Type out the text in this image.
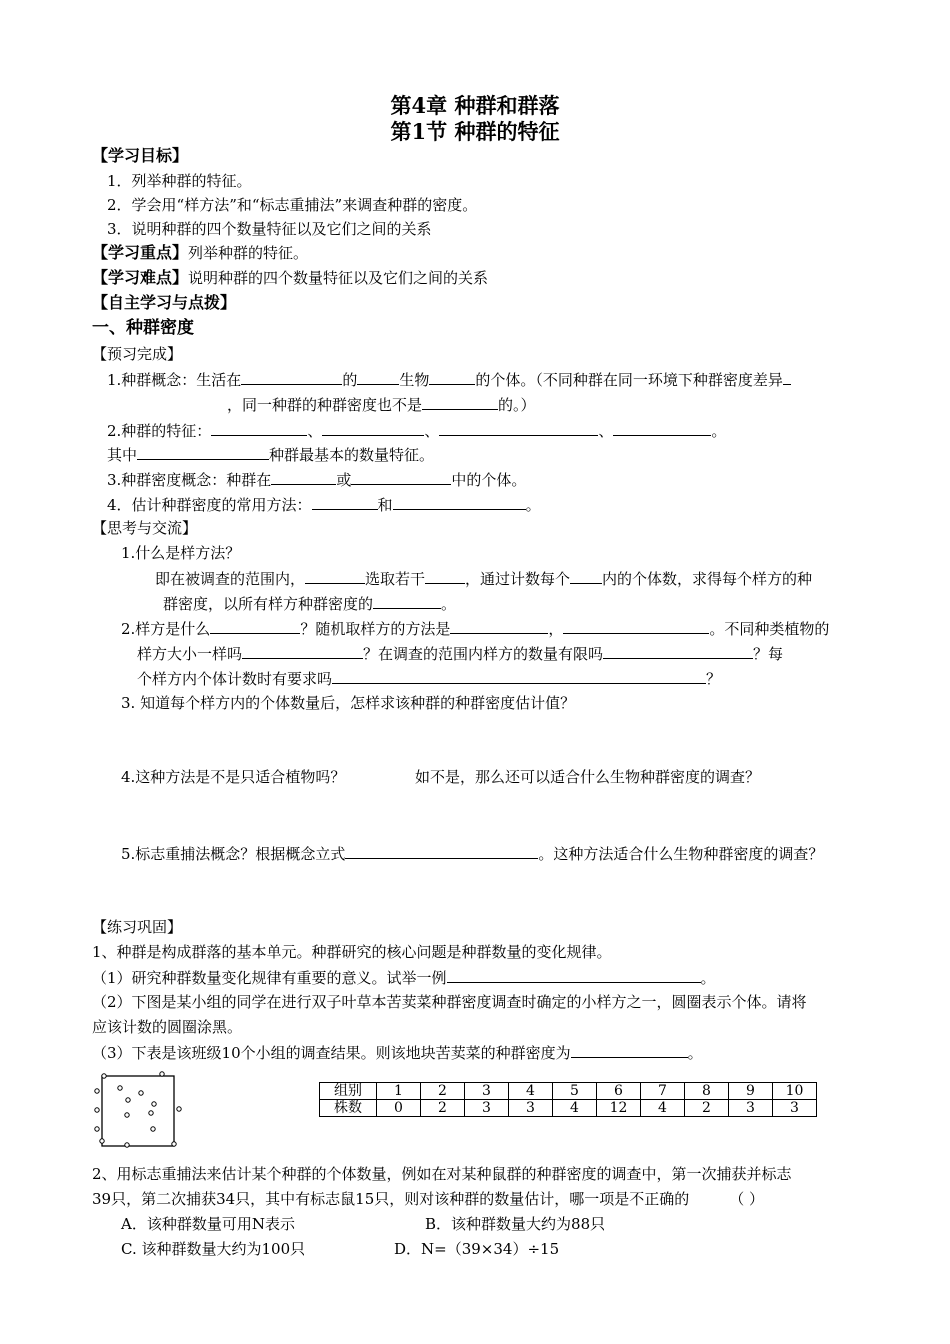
第4章 种群和群落
第1节 种群的特征
【学习目标】
1．列举种群的特征。
2．学会用“样方法”和“标志重捕法”来调查种群的密度。
3．说明种群的四个数量特征以及它们之间的关系
【学习重点】列举种群的特征。
【学习难点】说明种群的四个数量特征以及它们之间的关系
【自主学习与点拨】
一、种群密度
【预习完成】
1.种群概念：生活在	的	生物	的个体。（不同种群在同一环境下种群密度差异
，同一种群的种群密度也不是	的。）
2.种群的特征：	、	、	、	。
其中	种群最基本的数量特征。
3.种群密度概念：种群在	或	中的个体。
4．估计种群密度的常用方法：	和	。
【思考与交流】
1.什么是样方法？
即在被调查的范围内，	选取若干	，通过计数每个 内的个体数，求得每个样方的种
群密度，以所有样方种群密度的	。
2.样方是什么	？随机取样方的方法是	，	。不同种类植物的
样方大小一样吗	？在调查的范围内样方的数量有限吗	？每
个样方内个体计数时有要求吗	？
3. 知道每个样方内的个体数量后，怎样求该种群的种群密度估计值？
4.这种方法是不是只适合植物吗？	如不是，那么还可以适合什么生物种群密度的调查？
5.标志重捕法概念？根据概念立式	。这种方法适合什么生物种群密度的调查？
【练习巩固】
1、种群是构成群落的基本单元。种群研究的核心问题是种群数量的变化规律。
（1）研究种群数量变化规律有重要的意义。试举一例	。
（2）下图是某小组的同学在进行双子叶草本苦荬菜种群密度调查时确定的小样方之一，圆圈表示个体。请将
应该计数的圆圈涂黑。
（3）下表是该班级10个小组的调查结果。则该地块苦荬菜的种群密度为	。
组别	1	2	3	4	5	6	7	8	9	10
株数	0	2	3	3	4	12	4	2	3	3
2、用标志重捕法来估计某个种群的个体数量，例如在对某种鼠群的种群密度的调查中，第一次捕获并标志
39只，第二次捕获34只，其中有标志鼠15只，则对该种群的数量估计，哪一项是不正确的	（ ）
A．该种群数量可用N表示	B．该种群数量大约为88只
C. 该种群数量大约为100只	D．N=（39×34）÷15
